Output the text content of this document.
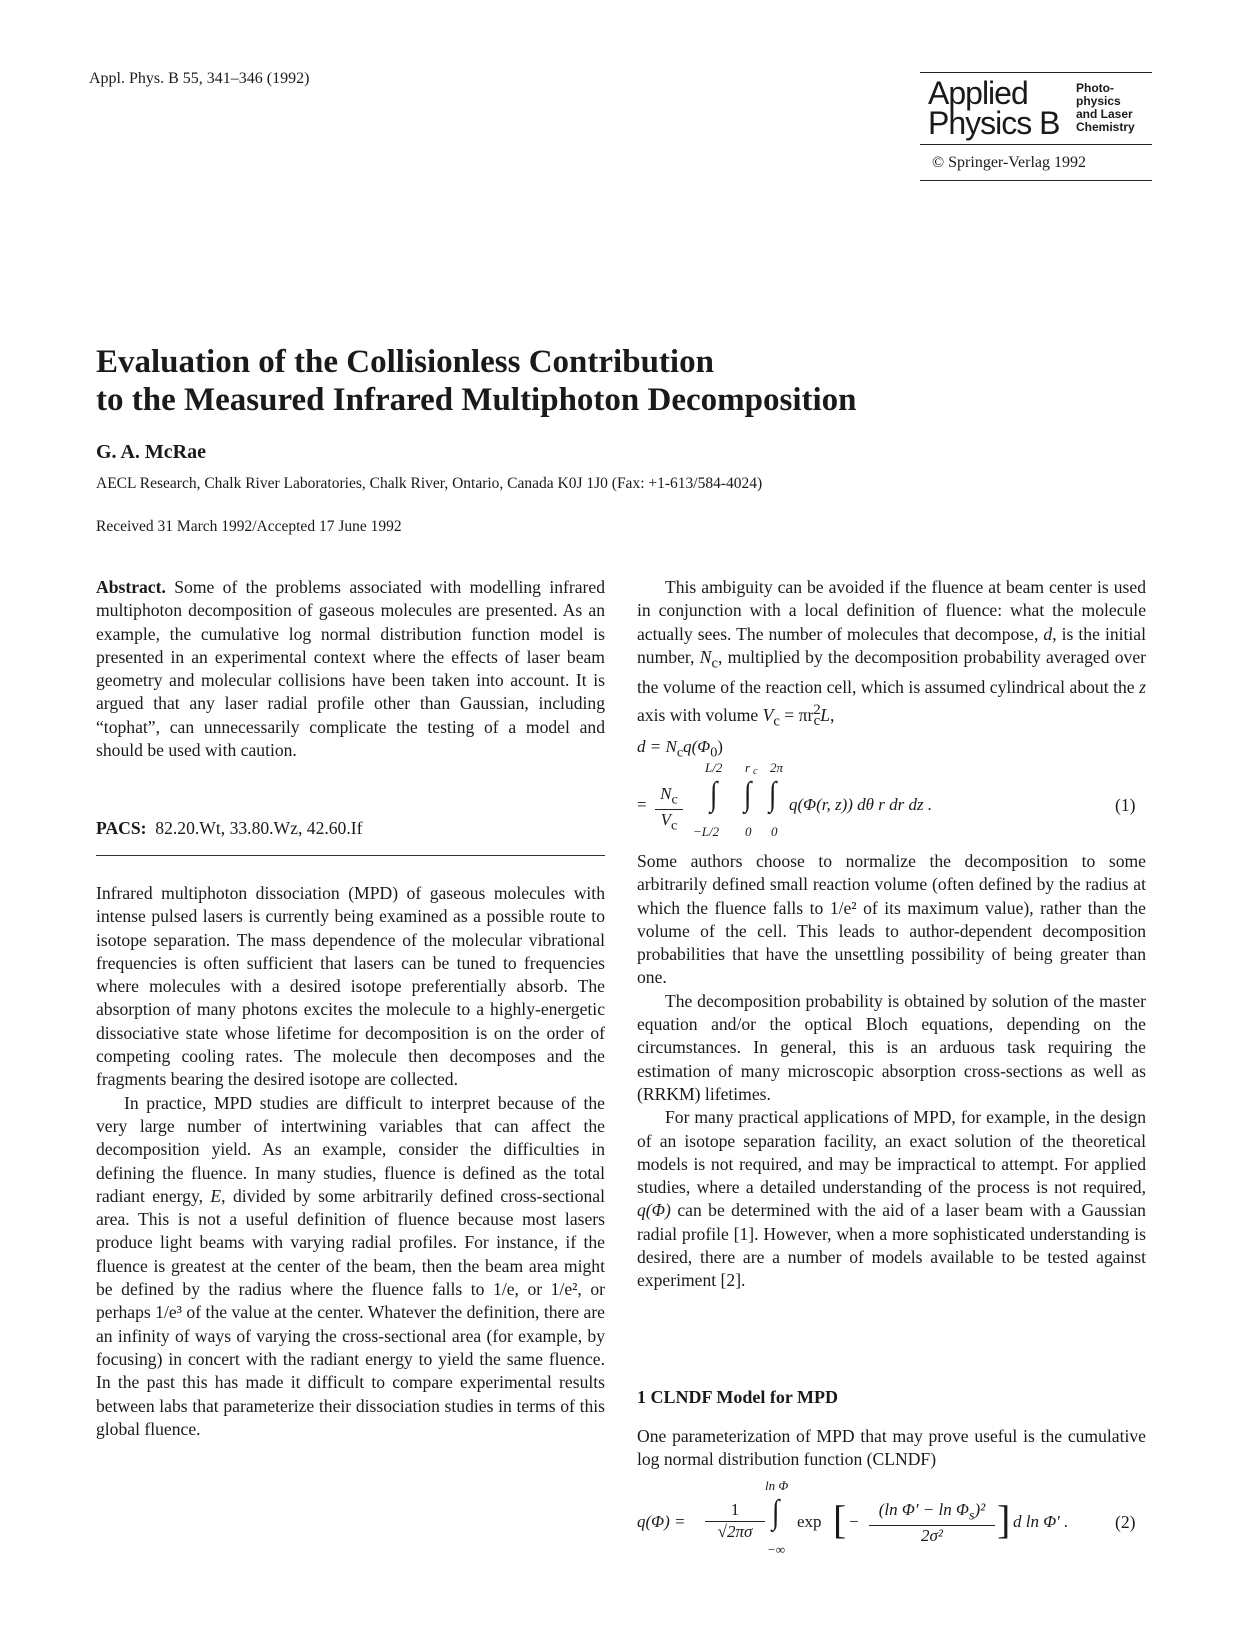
Appl. Phys. B 55, 341–346 (1992)	Applied
Physics B
Photo-
physics
and Laser
Chemistry
© Springer-Verlag 1992
Evaluation of the Collisionless Contribution
to the Measured Infrared Multiphoton Decomposition
G. A. McRae
AECL Research, Chalk River Laboratories, Chalk River, Ontario, Canada K0J 1J0 (Fax: +1-613/584-4024)
Received 31 March 1992/Accepted 17 June 1992

Abstract. Some of the problems associated with modelling infrared multiphoton decomposition of gaseous molecules are presented. As an example, the cumulative log normal distribution function model is presented in an experimental context where the effects of laser beam geometry and molecular collisions have been taken into account. It is argued that any laser radial profile other than Gaussian, including “tophat”, can unnecessarily complicate the testing of a model and should be used with caution.

PACS: 82.20.Wt, 33.80.Wz, 42.60.If

Infrared multiphoton dissociation (MPD) of gaseous molecules with intense pulsed lasers is currently being examined as a possible route to isotope separation. The mass dependence of the molecular vibrational frequencies is often sufficient that lasers can be tuned to frequencies where molecules with a desired isotope preferentially absorb. The absorption of many photons excites the molecule to a highly-energetic dissociative state whose lifetime for decomposition is on the order of competing cooling rates. The molecule then decomposes and the fragments bearing the desired isotope are collected.

In practice, MPD studies are difficult to interpret because of the very large number of intertwining variables that can affect the decomposition yield. As an example, consider the difficulties in defining the fluence. In many studies, fluence is defined as the total radiant energy, E, divided by some arbitrarily defined cross-sectional area. This is not a useful definition of fluence because most lasers produce light beams with varying radial profiles. For instance, if the fluence is greatest at the center of the beam, then the beam area might be defined by the radius where the fluence falls to 1/e, or 1/e², or perhaps 1/e³ of the value at the center. Whatever the definition, there are an infinity of ways of varying the cross-sectional area (for example, by focusing) in concert with the radiant energy to yield the same fluence. In the past this has made it difficult to compare experimental results between labs that parameterize their dissociation studies in terms of this global fluence.

This ambiguity can be avoided if the fluence at beam center is used in conjunction with a local definition of fluence: what the molecule actually sees. The number of molecules that decompose, d, is the initial number, $N_c$, multiplied by the decomposition probability averaged over the volume of the reaction cell, which is assumed cylindrical about the z axis with volume $V_c = \pi r^2_cL$,

$d = N_cq(\Phi_0)$
=
$N_c$
$V_c$
L/2 r c 2π
∫ ∫ ∫
−L/2 0 0
q(Φ(r, z)) dθ r dr dz .	(1)

Some authors choose to normalize the decomposition to some arbitrarily defined small reaction volume (often defined by the radius at which the fluence falls to 1/e² of its maximum value), rather than the volume of the cell. This leads to author-dependent decomposition probabilities that have the unsettling possibility of being greater than one.

The decomposition probability is obtained by solution of the master equation and/or the optical Bloch equations, depending on the circumstances. In general, this is an arduous task requiring the estimation of many microscopic absorption cross-sections as well as (RRKM) lifetimes.

For many practical applications of MPD, for example, in the design of an isotope separation facility, an exact solution of the theoretical models is not required, and may be impractical to attempt. For applied studies, where a detailed understanding of the process is not required, q(Φ) can be determined with the aid of a laser beam with a Gaussian radial profile [1]. However, when a more sophisticated understanding is desired, there are a number of models available to be tested against experiment [2].

1 CLNDF Model for MPD
One parameterization of MPD that may prove useful is the cumulative log normal distribution function (CLNDF)
q(Φ) =
1
√2πσ
ln Φ
∫
−∞
exp [ −
(ln $\Phi' - \ln \Phi_s)^2$
2σ²	] d ln Φ′ .	(2)
